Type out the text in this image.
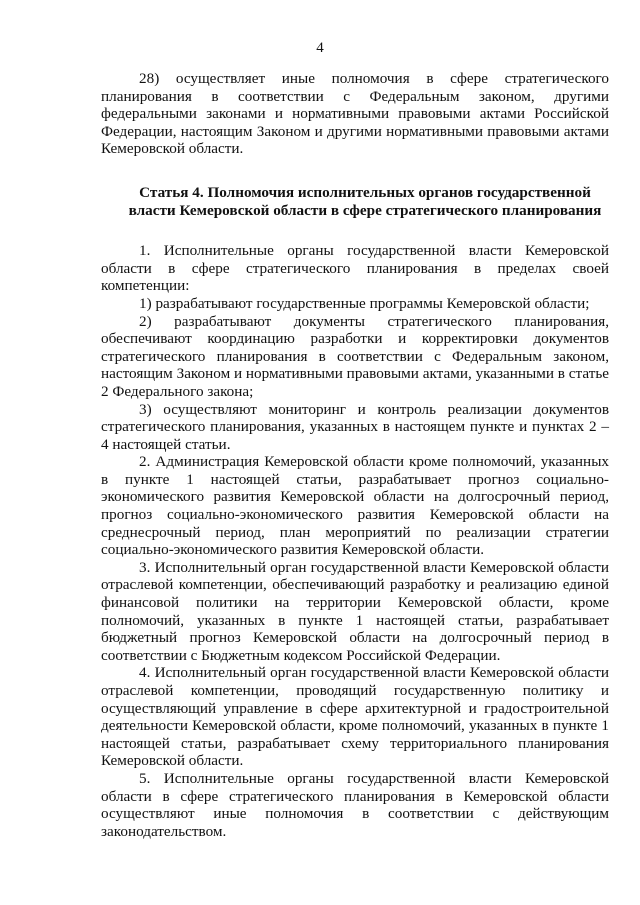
4

28) осуществляет иные полномочия в сфере стратегического планирования в соответствии с Федеральным законом, другими федеральными законами и нормативными правовыми актами Российской Федерации, настоящим Законом и другими нормативными правовыми актами Кемеровской области.

Статья 4. Полномочия исполнительных органов государственной власти Кемеровской области в сфере стратегического планирования

1. Исполнительные органы государственной власти Кемеровской области в сфере стратегического планирования в пределах своей компетенции:

1) разрабатывают государственные программы Кемеровской области;

2) разрабатывают документы стратегического планирования, обеспечивают координацию разработки и корректировки документов стратегического планирования в соответствии с Федеральным законом, настоящим Законом и нормативными правовыми актами, указанными в статье 2 Федерального закона;

3) осуществляют мониторинг и контроль реализации документов стратегического планирования, указанных в настоящем пункте и пунктах 2 – 4 настоящей статьи.

2. Администрация Кемеровской области кроме полномочий, указанных в пункте 1 настоящей статьи, разрабатывает прогноз социально-экономического развития Кемеровской области на долгосрочный период, прогноз социально-экономического развития Кемеровской области на среднесрочный период, план мероприятий по реализации стратегии социально-экономического развития Кемеровской области.

3. Исполнительный орган государственной власти Кемеровской области отраслевой компетенции, обеспечивающий разработку и реализацию единой финансовой политики на территории Кемеровской области, кроме полномочий, указанных в пункте 1 настоящей статьи, разрабатывает бюджетный прогноз Кемеровской области на долгосрочный период в соответствии с Бюджетным кодексом Российской Федерации.

4. Исполнительный орган государственной власти Кемеровской области отраслевой компетенции, проводящий государственную политику и осуществляющий управление в сфере архитектурной и градостроительной деятельности Кемеровской области, кроме полномочий, указанных в пункте 1 настоящей статьи, разрабатывает схему территориального планирования Кемеровской области.

5. Исполнительные органы государственной власти Кемеровской области в сфере стратегического планирования в Кемеровской области осуществляют иные полномочия в соответствии с действующим законодательством.
